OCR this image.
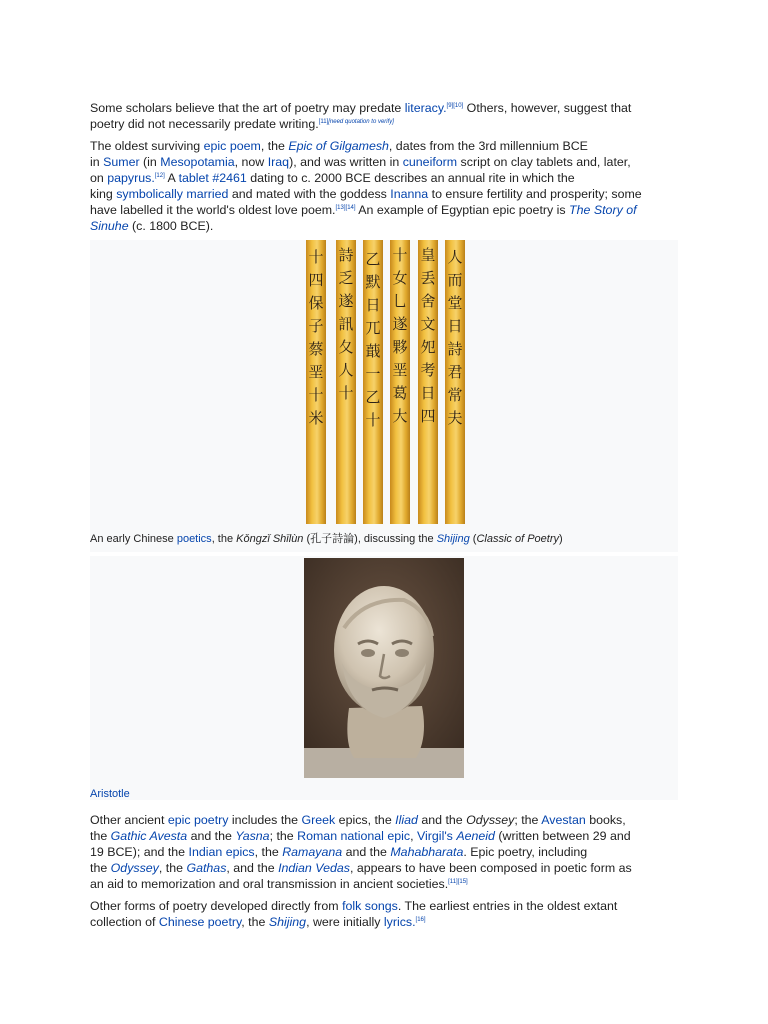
Some scholars believe that the art of poetry may predate literacy.[9][10] Others, however, suggest that
poetry did not necessarily predate writing.[11][need quotation to verify]
The oldest surviving epic poem, the Epic of Gilgamesh, dates from the 3rd millennium BCE
in Sumer (in Mesopotamia, now Iraq), and was written in cuneiform script on clay tablets and, later,
on papyrus.[12] A tablet #2461 dating to c. 2000 BCE describes an annual rite in which the
king symbolically married and mated with the goddess Inanna to ensure fertility and prosperity; some
have labelled it the world's oldest love poem.[13][14] An example of Egyptian epic poetry is The Story of
Sinuhe (c. 1800 BCE).
十四保子蔡垩十米
詩乏遂訊夂人十
乙默日兀蕺一乙十
十女乚遂夥垩葛大
皇丢舍文夗考日四
人而堂日詩君常夫
An early Chinese poetics, the Kǒngzǐ Shīlùn (孔子詩論), discussing the Shijing (Classic of Poetry)
Aristotle
Other ancient epic poetry includes the Greek epics, the Iliad and the Odyssey; the Avestan books,
the Gathic Avesta and the Yasna; the Roman national epic, Virgil's Aeneid (written between 29 and
19 BCE); and the Indian epics, the Ramayana and the Mahabharata. Epic poetry, including
the Odyssey, the Gathas, and the Indian Vedas, appears to have been composed in poetic form as
an aid to memorization and oral transmission in ancient societies.[11][15]
Other forms of poetry developed directly from folk songs. The earliest entries in the oldest extant
collection of Chinese poetry, the Shijing, were initially lyrics.[16]
